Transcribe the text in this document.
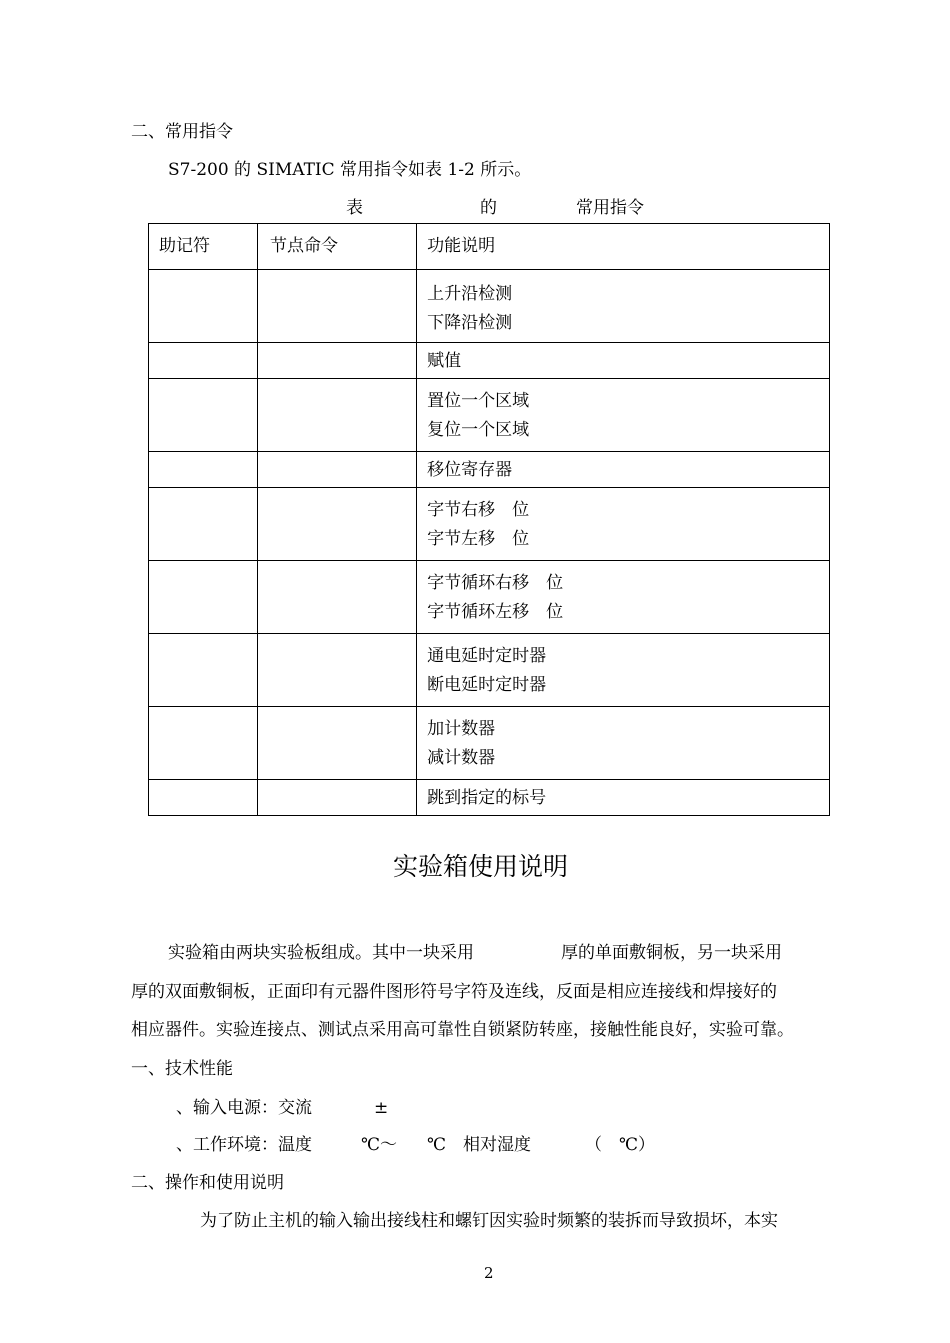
二、常用指令
S7-200 的 SIMATIC 常用指令如表 1-2 所示。
表	的	常用指令
助记符	节点命令	功能说明

		上升沿检测
下降沿检测

		赋值

		置位一个区域
复位一个区域

		移位寄存器

		字节右移　位
字节左移　位

		字节循环右移　位
字节循环左移　位

		通电延时定时器
断电延时定时器

		加计数器
减计数器

		跳到指定的标号
实验箱使用说明
实验箱由两块实验板组成。其中一块采用	厚的单面敷铜板，另一块采用
厚的双面敷铜板，正面印有元器件图形符号字符及连线，反面是相应连接线和焊接好的
相应器件。实验连接点、测试点采用高可靠性自锁紧防转座，接触性能良好，实验可靠。
一、技术性能
、输入电源：交流	±
、工作环境：温度	℃～ ℃　相对湿度	（　℃）
二、操作和使用说明
为了防止主机的输入输出接线柱和螺钉因实验时频繁的装拆而导致损坏，本实
2
